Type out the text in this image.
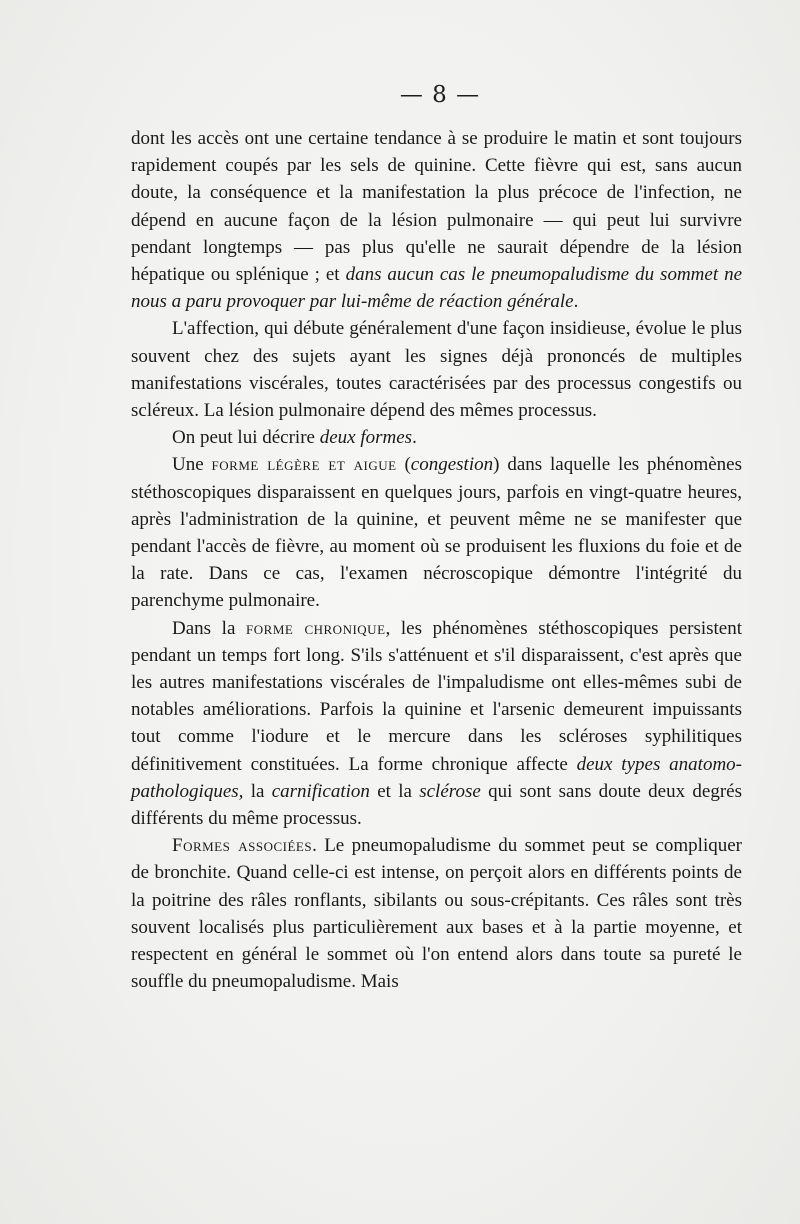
— 8 —

dont les accès ont une certaine tendance à se produire le matin et sont toujours rapidement coupés par les sels de quinine. Cette fièvre qui est, sans aucun doute, la conséquence et la manifestation la plus précoce de l'infection, ne dépend en aucune façon de la lésion pulmonaire — qui peut lui survivre pendant longtemps — pas plus qu'elle ne saurait dépendre de la lésion hépatique ou splénique ; et dans aucun cas le pneumopaludisme du sommet ne nous a paru provoquer par lui-même de réaction générale.

L'affection, qui débute généralement d'une façon insidieuse, évolue le plus souvent chez des sujets ayant les signes déjà prononcés de multiples manifestations viscérales, toutes caractérisées par des processus congestifs ou scléreux. La lésion pulmonaire dépend des mêmes processus.

On peut lui décrire deux formes.

Une forme légère et aigue (congestion) dans laquelle les phénomènes stéthoscopiques disparaissent en quelques jours, parfois en vingt-quatre heures, après l'administration de la quinine, et peuvent même ne se manifester que pendant l'accès de fièvre, au moment où se produisent les fluxions du foie et de la rate. Dans ce cas, l'examen nécroscopique démontre l'intégrité du parenchyme pulmonaire.

Dans la forme chronique, les phénomènes stéthoscopiques persistent pendant un temps fort long. S'ils s'atténuent et s'il disparaissent, c'est après que les autres manifestations viscérales de l'impaludisme ont elles-mêmes subi de notables améliorations. Parfois la quinine et l'arsenic demeurent impuissants tout comme l'iodure et le mercure dans les scléroses syphilitiques définitivement constituées. La forme chronique affecte deux types anatomo-pathologiques, la carnification et la sclérose qui sont sans doute deux degrés différents du même processus.

Formes associées. Le pneumopaludisme du sommet peut se compliquer de bronchite. Quand celle-ci est intense, on perçoit alors en différents points de la poitrine des râles ronflants, sibilants ou sous-crépitants. Ces râles sont très souvent localisés plus particulièrement aux bases et à la partie moyenne, et respectent en général le sommet où l'on entend alors dans toute sa pureté le souffle du pneumopaludisme. Mais
